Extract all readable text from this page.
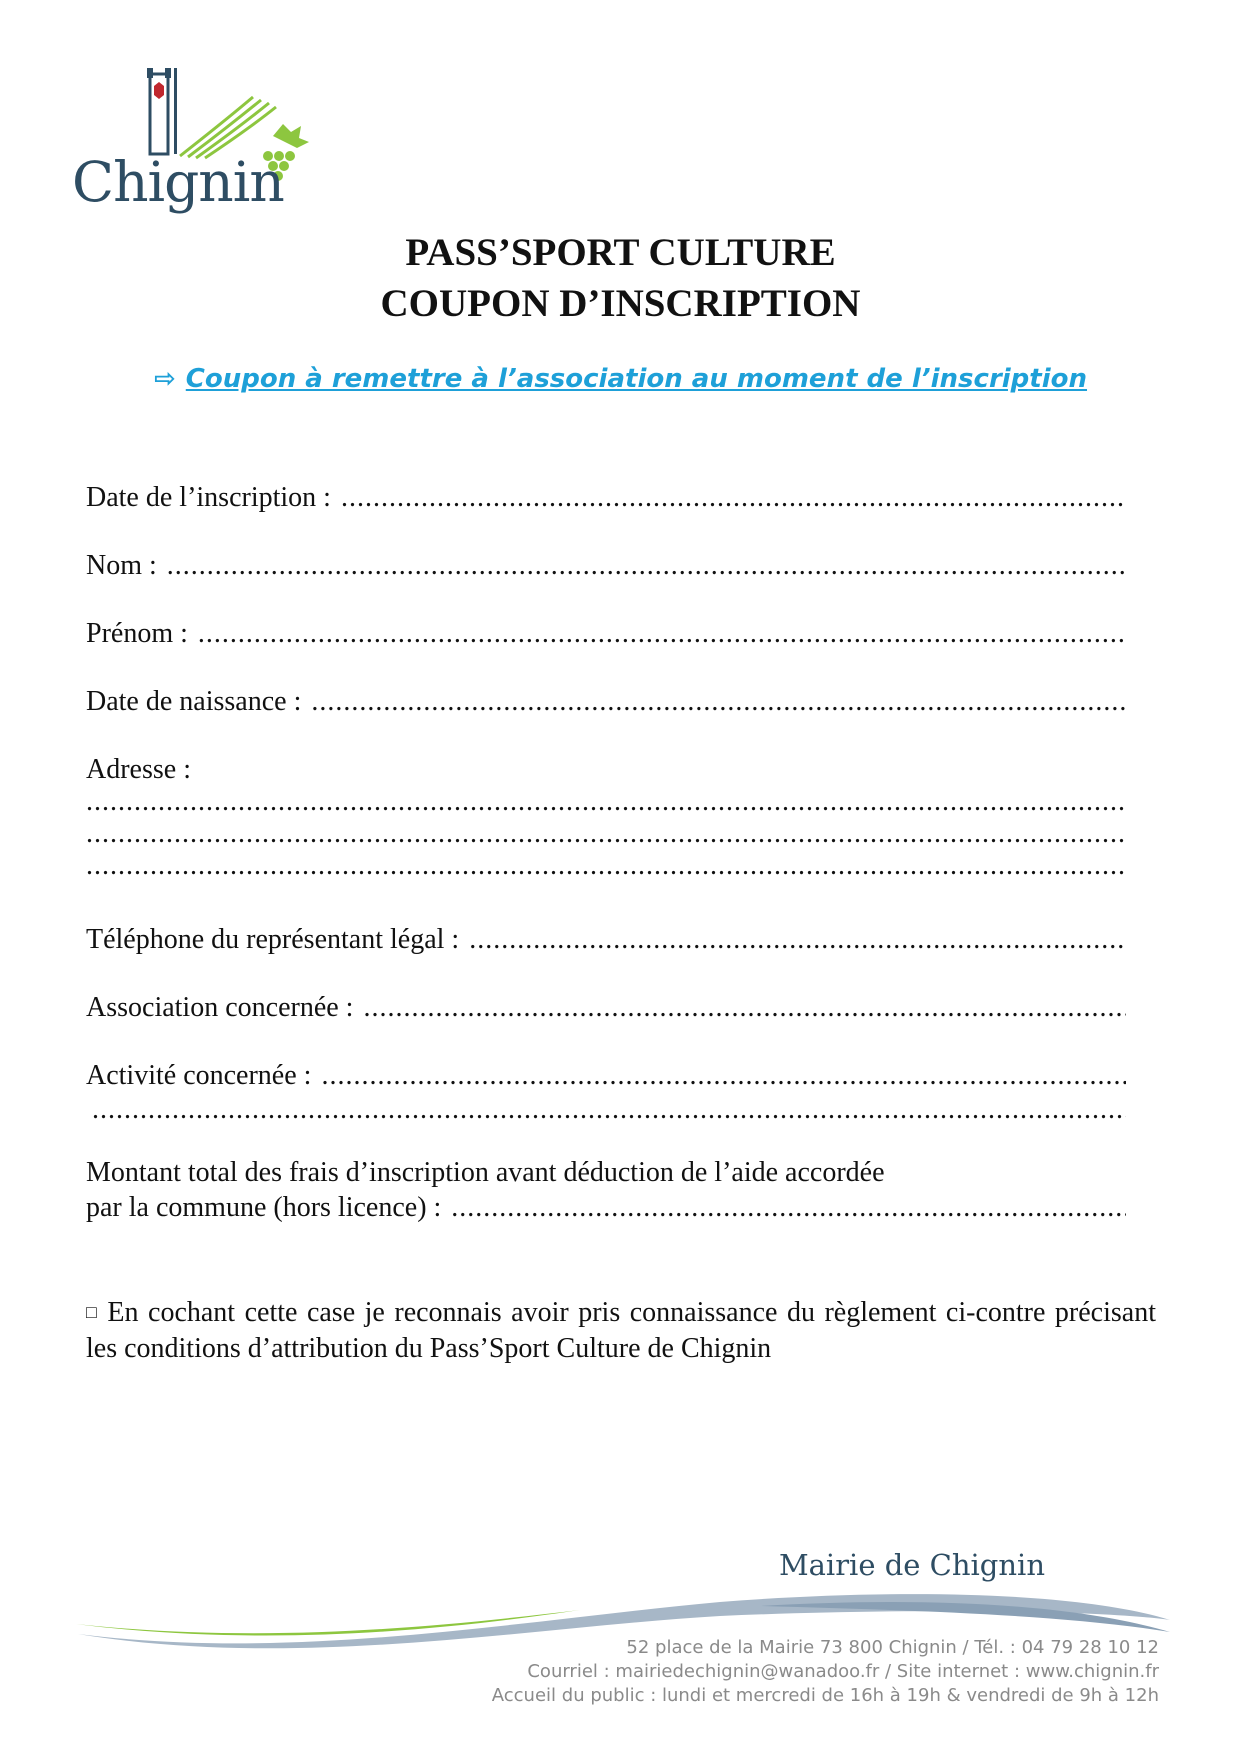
Chignin
PASS’SPORT CULTURE
COUPON D’INSCRIPTION
⇨ Coupon à remettre à l’association au moment de l’inscription
Date de l’inscription :
.....
Nom :
.....
Prénom :
.....
Date de naissance :
.....
Adresse :
.....
.....
.....
Téléphone du représentant légal :
.....
Association concernée :
.....
Activité concernée :
.....
.....
Montant total des frais d’inscription avant déduction de l’aide accordée
par la commune (hors licence) :
.....
□ En cochant cette case je reconnais avoir pris connaissance du règlement ci-contre précisant les conditions d’attribution du Pass’Sport Culture de Chignin
Mairie de Chignin
52 place de la Mairie 73 800 Chignin / Tél. : 04 79 28 10 12
Courriel : mairiedechignin@wanadoo.fr / Site internet : www.chignin.fr
Accueil du public : lundi et mercredi de 16h à 19h & vendredi de 9h à 12h
